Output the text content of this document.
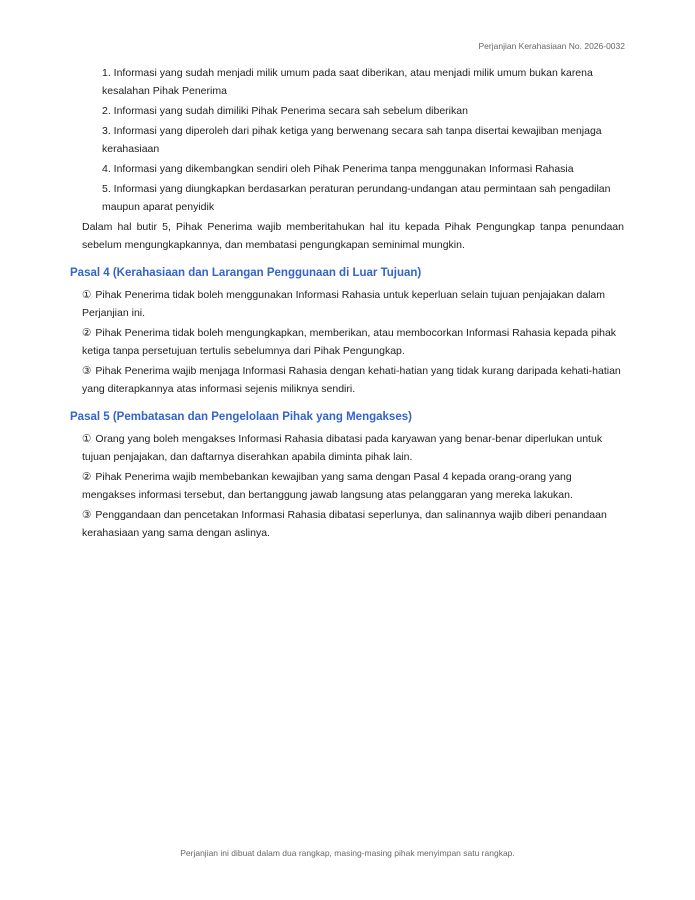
Perjanjian Kerahasiaan No. 2026-0032
1. Informasi yang sudah menjadi milik umum pada saat diberikan, atau menjadi milik umum bukan karena kesalahan Pihak Penerima
2. Informasi yang sudah dimiliki Pihak Penerima secara sah sebelum diberikan
3. Informasi yang diperoleh dari pihak ketiga yang berwenang secara sah tanpa disertai kewajiban menjaga kerahasiaan
4. Informasi yang dikembangkan sendiri oleh Pihak Penerima tanpa menggunakan Informasi Rahasia
5. Informasi yang diungkapkan berdasarkan peraturan perundang-undangan atau permintaan sah pengadilan maupun aparat penyidik

Dalam hal butir 5, Pihak Penerima wajib memberitahukan hal itu kepada Pihak Pengungkap tanpa penundaan sebelum mengungkapkannya, dan membatasi pengungkapan seminimal mungkin.

Pasal 4 (Kerahasiaan dan Larangan Penggunaan di Luar Tujuan)
① Pihak Penerima tidak boleh menggunakan Informasi Rahasia untuk keperluan selain tujuan penjajakan dalam Perjanjian ini.
② Pihak Penerima tidak boleh mengungkapkan, memberikan, atau membocorkan Informasi Rahasia kepada pihak ketiga tanpa persetujuan tertulis sebelumnya dari Pihak Pengungkap.
③ Pihak Penerima wajib menjaga Informasi Rahasia dengan kehati-hatian yang tidak kurang daripada kehati-hatian yang diterapkannya atas informasi sejenis miliknya sendiri.
Pasal 5 (Pembatasan dan Pengelolaan Pihak yang Mengakses)
① Orang yang boleh mengakses Informasi Rahasia dibatasi pada karyawan yang benar-benar diperlukan untuk tujuan penjajakan, dan daftarnya diserahkan apabila diminta pihak lain.
② Pihak Penerima wajib membebankan kewajiban yang sama dengan Pasal 4 kepada orang-orang yang mengakses informasi tersebut, dan bertanggung jawab langsung atas pelanggaran yang mereka lakukan.
③ Penggandaan dan pencetakan Informasi Rahasia dibatasi seperlunya, dan salinannya wajib diberi penandaan kerahasiaan yang sama dengan aslinya.
Perjanjian ini dibuat dalam dua rangkap, masing-masing pihak menyimpan satu rangkap.
